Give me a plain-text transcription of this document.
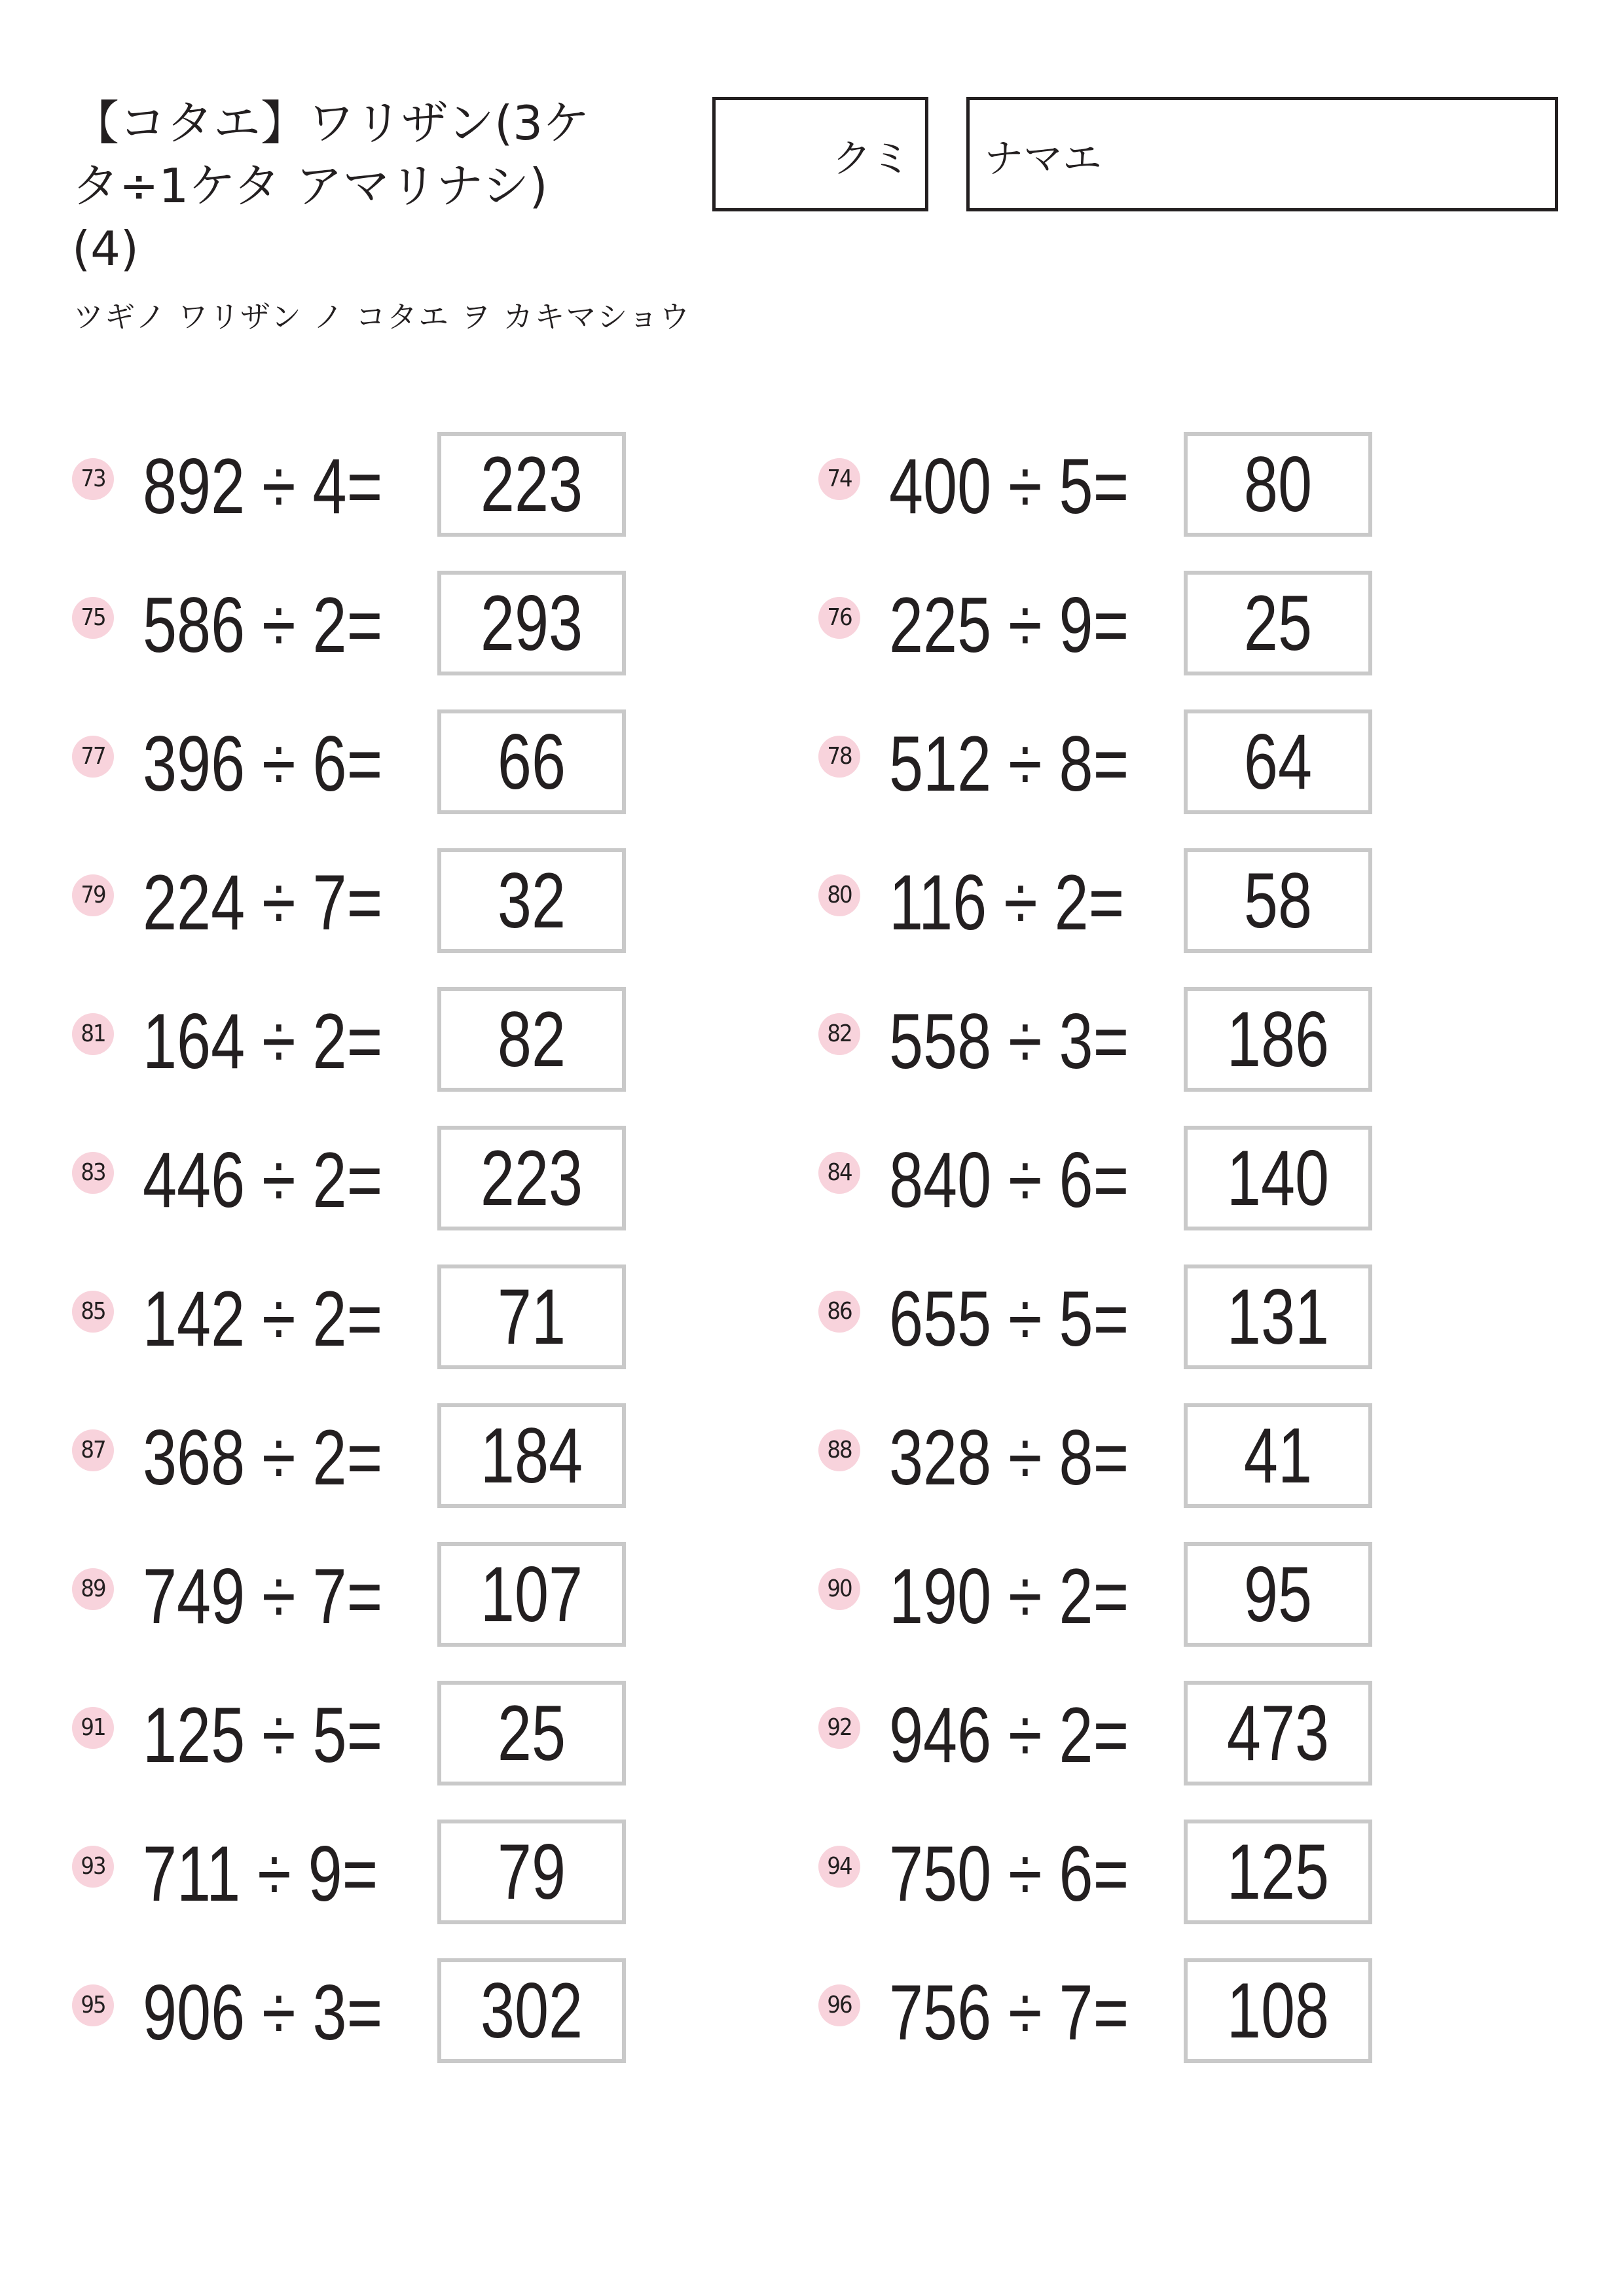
【コタエ】ワリザン(3ケ
タ÷1ケタ アマリナシ)
(4)
ツギノ ワリザン ノ コタエ ヲ カキマショウ
クミ ナマエ
73 892 ÷ 4= 223	74 400 ÷ 5=	80
75 586 ÷ 2= 293	76 225 ÷ 9=	25
77 396 ÷ 6=	66	78 512 ÷ 8=	64
79 224 ÷ 7=	32	80 116 ÷ 2=	58
81 164 ÷ 2=	82	82 558 ÷ 3= 186
83 446 ÷ 2= 223	84 840 ÷ 6= 140
85 142 ÷ 2=	71	86 655 ÷ 5= 131
87 368 ÷ 2= 184	88 328 ÷ 8=	41
89 749 ÷ 7= 107	90 190 ÷ 2=	95
91 125 ÷ 5=	25	92 946 ÷ 2= 473
93 711 ÷ 9=	79	94 750 ÷ 6= 125
95 906 ÷ 3= 302	96 756 ÷ 7= 108
